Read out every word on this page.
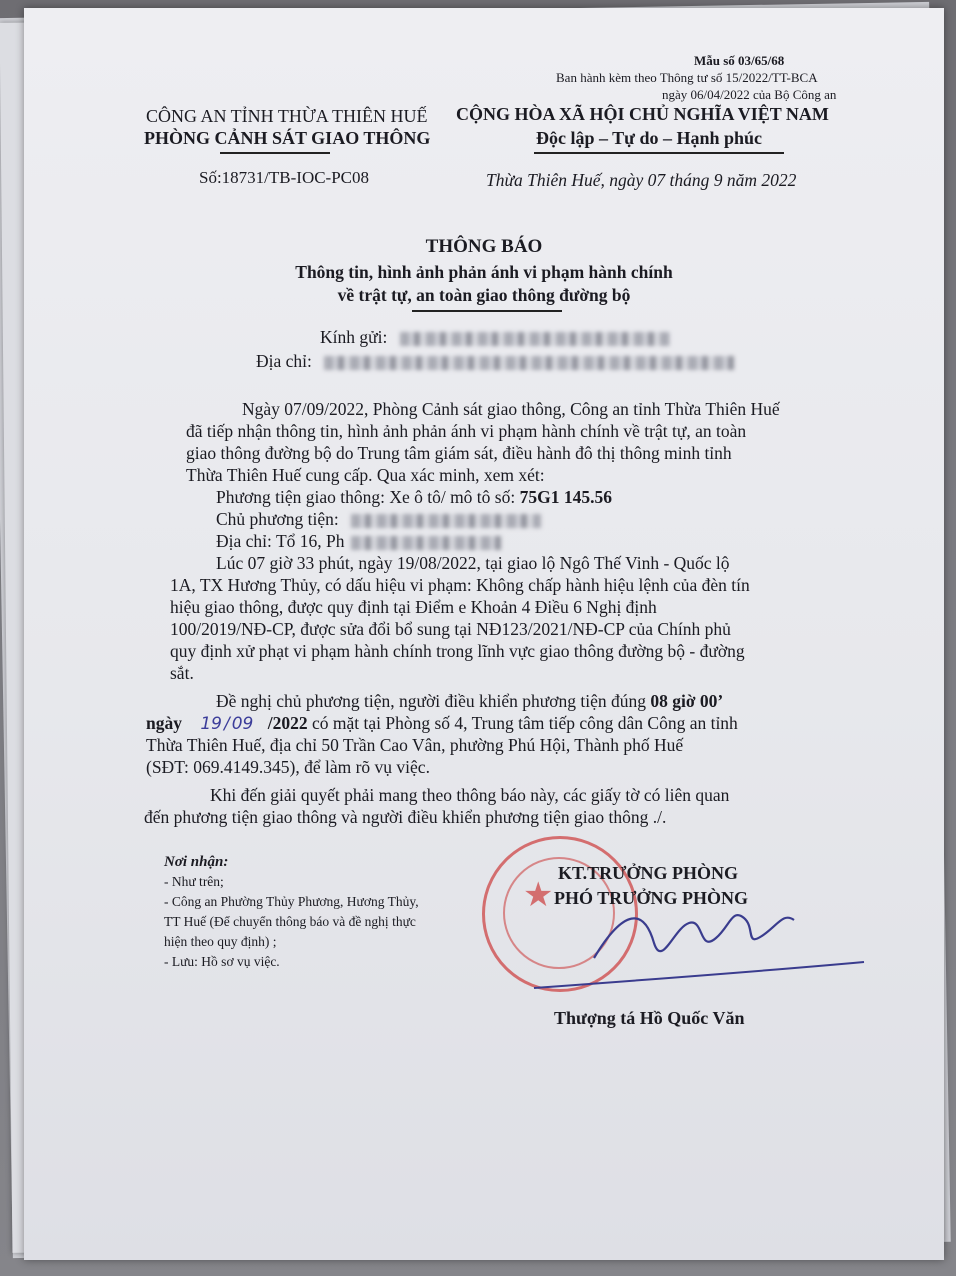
Mẫu số 03/65/68
Ban hành kèm theo Thông tư số 15/2022/TT-BCA
ngày 06/04/2022 của Bộ Công an
CÔNG AN TỈNH THỪA THIÊN HUẾ
PHÒNG CẢNH SÁT GIAO THÔNG
CỘNG HÒA XÃ HỘI CHỦ NGHĨA VIỆT NAM
Độc lập – Tự do – Hạnh phúc
Số:18731/TB-IOC-PC08	Thừa Thiên Huế, ngày 07 tháng 9 năm 2022
THÔNG BÁO
Thông tin, hình ảnh phản ánh vi phạm hành chính
về trật tự, an toàn giao thông đường bộ
Kính gửi:
Địa chỉ:
Ngày 07/09/2022, Phòng Cảnh sát giao thông, Công an tỉnh Thừa Thiên Huế
đã tiếp nhận thông tin, hình ảnh phản ánh vi phạm hành chính về trật tự, an toàn
giao thông đường bộ do Trung tâm giám sát, điều hành đô thị thông minh tỉnh
Thừa Thiên Huế cung cấp. Qua xác minh, xem xét:
Phương tiện giao thông: Xe ô tô/ mô tô số: 75G1 145.56
Chủ phương tiện:
Địa chỉ: Tổ 16, Ph
Lúc 07 giờ 33 phút, ngày 19/08/2022, tại giao lộ Ngô Thế Vinh - Quốc lộ
1A, TX Hương Thủy, có dấu hiệu vi phạm: Không chấp hành hiệu lệnh của đèn tín
hiệu giao thông, được quy định tại Điểm e Khoản 4 Điều 6 Nghị định
100/2019/NĐ-CP, được sửa đổi bổ sung tại NĐ123/2021/NĐ-CP của Chính phủ
quy định xử phạt vi phạm hành chính trong lĩnh vực giao thông đường bộ - đường
sắt.
Đề nghị chủ phương tiện, người điều khiển phương tiện đúng 08 giờ 00’
ngày 19 / 09 /2022 có mặt tại Phòng số 4, Trung tâm tiếp công dân Công an tỉnh
Thừa Thiên Huế, địa chỉ 50 Trần Cao Vân, phường Phú Hội, Thành phố Huế
(SĐT: 069.4149.345), để làm rõ vụ việc.
Khi đến giải quyết phải mang theo thông báo này, các giấy tờ có liên quan
đến phương tiện giao thông và người điều khiển phương tiện giao thông ./.
Nơi nhận:
- Như trên;
- Công an Phường Thủy Phương, Hương Thủy,
TT Huế (Để chuyển thông báo và đề nghị thực
hiện theo quy định) ;
- Lưu: Hồ sơ vụ việc.
★
KT.TRƯỞNG PHÒNG
PHÓ TRƯỞNG PHÒNG
Thượng tá Hồ Quốc Văn
